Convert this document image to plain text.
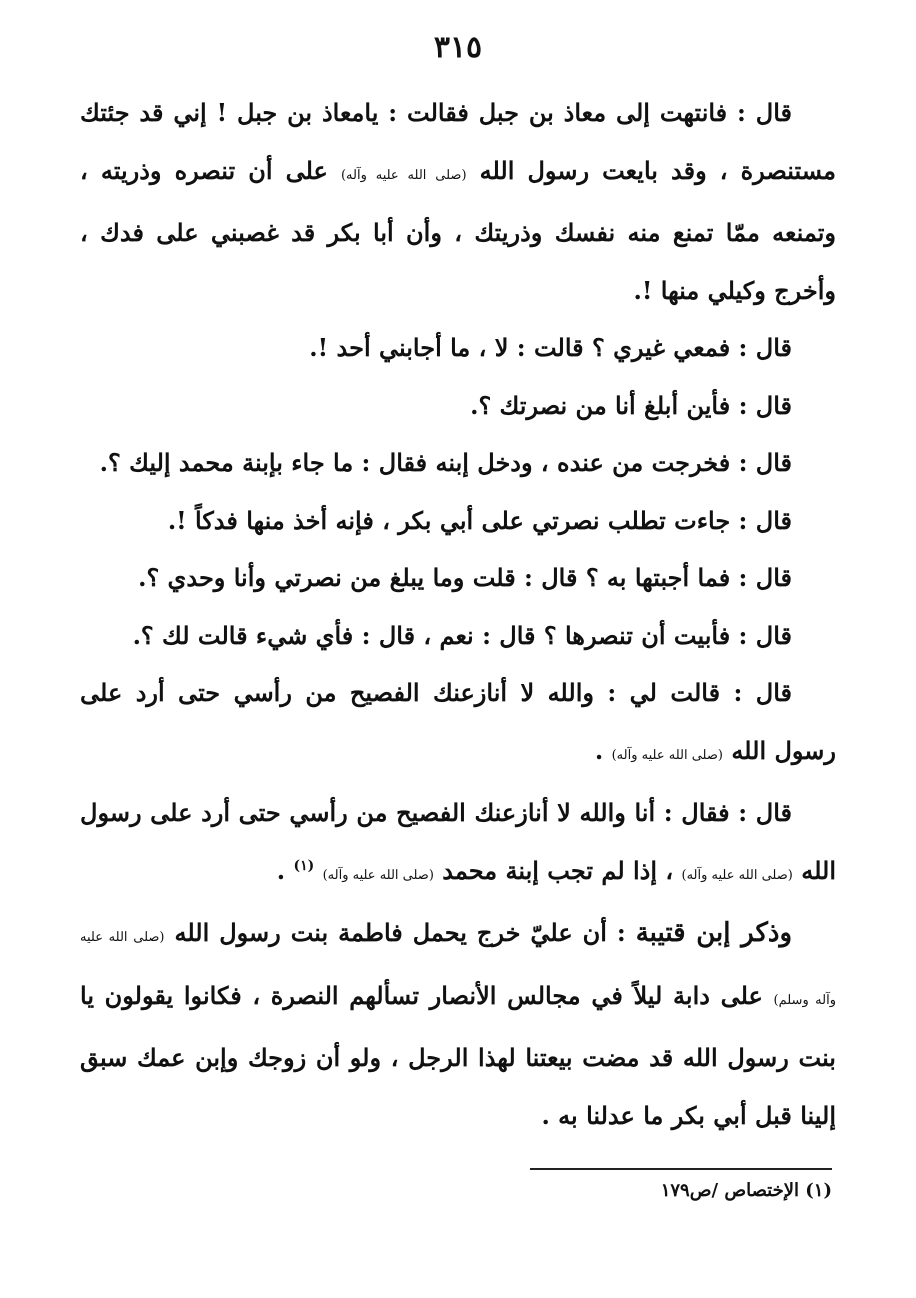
٣١٥

قال : فانتهت إلى معاذ بن جبل فقالت : يامعاذ بن جبل ! إني قد جئتك مستنصرة ، وقد بايعت رسول الله (صلى الله عليه وآله) على أن تنصره وذريته ، وتمنعه ممّا تمنع منه نفسك وذريتك ، وأن أبا بكر قد غصبني على فدك ، وأخرج وكيلي منها !.

قال : فمعي غيري ؟ قالت : لا ، ما أجابني أحد !.

قال : فأين أبلغ أنا من نصرتك ؟.

قال : فخرجت من عنده ، ودخل إبنه فقال : ما جاء بإبنة محمد إليك ؟.

قال : جاءت تطلب نصرتي على أبي بكر ، فإنه أخذ منها فدكاً !.

قال : فما أجبتها به ؟ قال : قلت وما يبلغ من نصرتي وأنا وحدي ؟.

قال : فأبيت أن تنصرها ؟ قال : نعم ، قال : فأي شيء قالت لك ؟.

قال : قالت لي : والله لا أنازعنك الفصيح من رأسي حتى أرد على رسول الله (صلى الله عليه وآله) .

قال : فقال : أنا والله لا أنازعنك الفصيح من رأسي حتى أرد على رسول الله (صلى الله عليه وآله) ، إذا لم تجب إبنة محمد (صلى الله عليه وآله) $^{(١)}$ .

وذكر إبن قتيبة : أن عليّ خرج يحمل فاطمة بنت رسول الله (صلى الله عليه وآله وسلم) على دابة ليلاً في مجالس الأنصار تسألهم النصرة ، فكانوا يقولون يا بنت رسول الله قد مضت بيعتنا لهذا الرجل ، ولو أن زوجك وإبن عمك سبق إلينا قبل أبي بكر ما عدلنا به .

(١) الإختصاص /ص١٧٩
